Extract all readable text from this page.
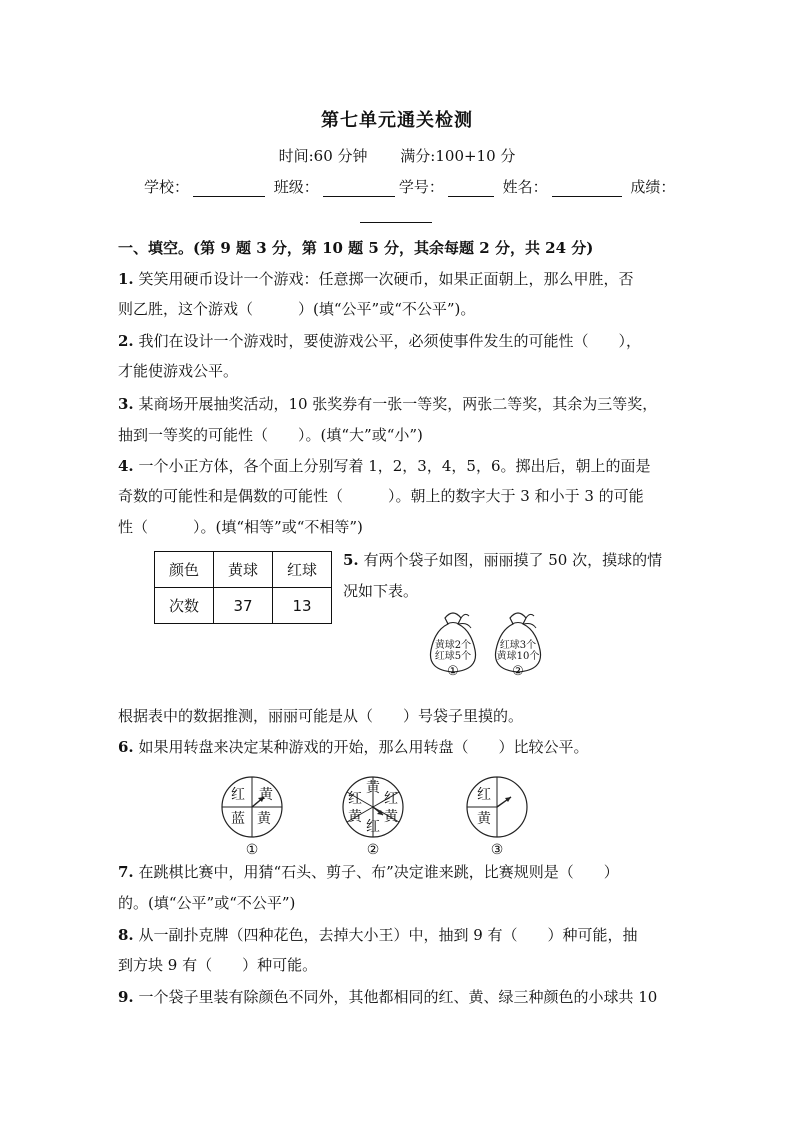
第七单元通关检测
时间:60 分钟 满分:100+10 分
学校：	班级：	学号：	姓名：	成绩：
一、填空。(第 9 题 3 分，第 10 题 5 分，其余每题 2 分，共 24 分)
1. 笑笑用硬币设计一个游戏：任意掷一次硬币，如果正面朝上，那么甲胜，否
则乙胜，这个游戏（　　　）(填“公平”或“不公平”)。
2. 我们在设计一个游戏时，要使游戏公平，必须使事件发生的可能性（　　），
才能使游戏公平。
3. 某商场开展抽奖活动，10 张奖券有一张一等奖，两张二等奖，其余为三等奖，
抽到一等奖的可能性（　　）。(填“大”或“小”)
4. 一个小正方体，各个面上分别写着 1，2，3，4，5，6。掷出后，朝上的面是
奇数的可能性和是偶数的可能性（　　　）。朝上的数字大于 3 和小于 3 的可能
性（　　　）。(填“相等”或“不相等”)
颜色	黄球	红球
次数	37	13
5. 有两个袋子如图，丽丽摸了 50 次，摸球的情
况如下表。
黄球2个
红球5个
①
红球3个
黄球10个
②
根据表中的数据推测，丽丽可能是从（　　）号袋子里摸的。
6. 如果用转盘来决定某种游戏的开始，那么用转盘（　　）比较公平。
红 黄
蓝 黄
①
黄
红 红
黄 黄
红
②
红
黄
③
7. 在跳棋比赛中，用猜“石头、剪子、布”决定谁来跳，比赛规则是（　　）
的。(填“公平”或“不公平”)
8. 从一副扑克牌（四种花色，去掉大小王）中，抽到 9 有（　　）种可能，抽
到方块 9 有（　　）种可能。
9. 一个袋子里装有除颜色不同外，其他都相同的红、黄、绿三种颜色的小球共 10
